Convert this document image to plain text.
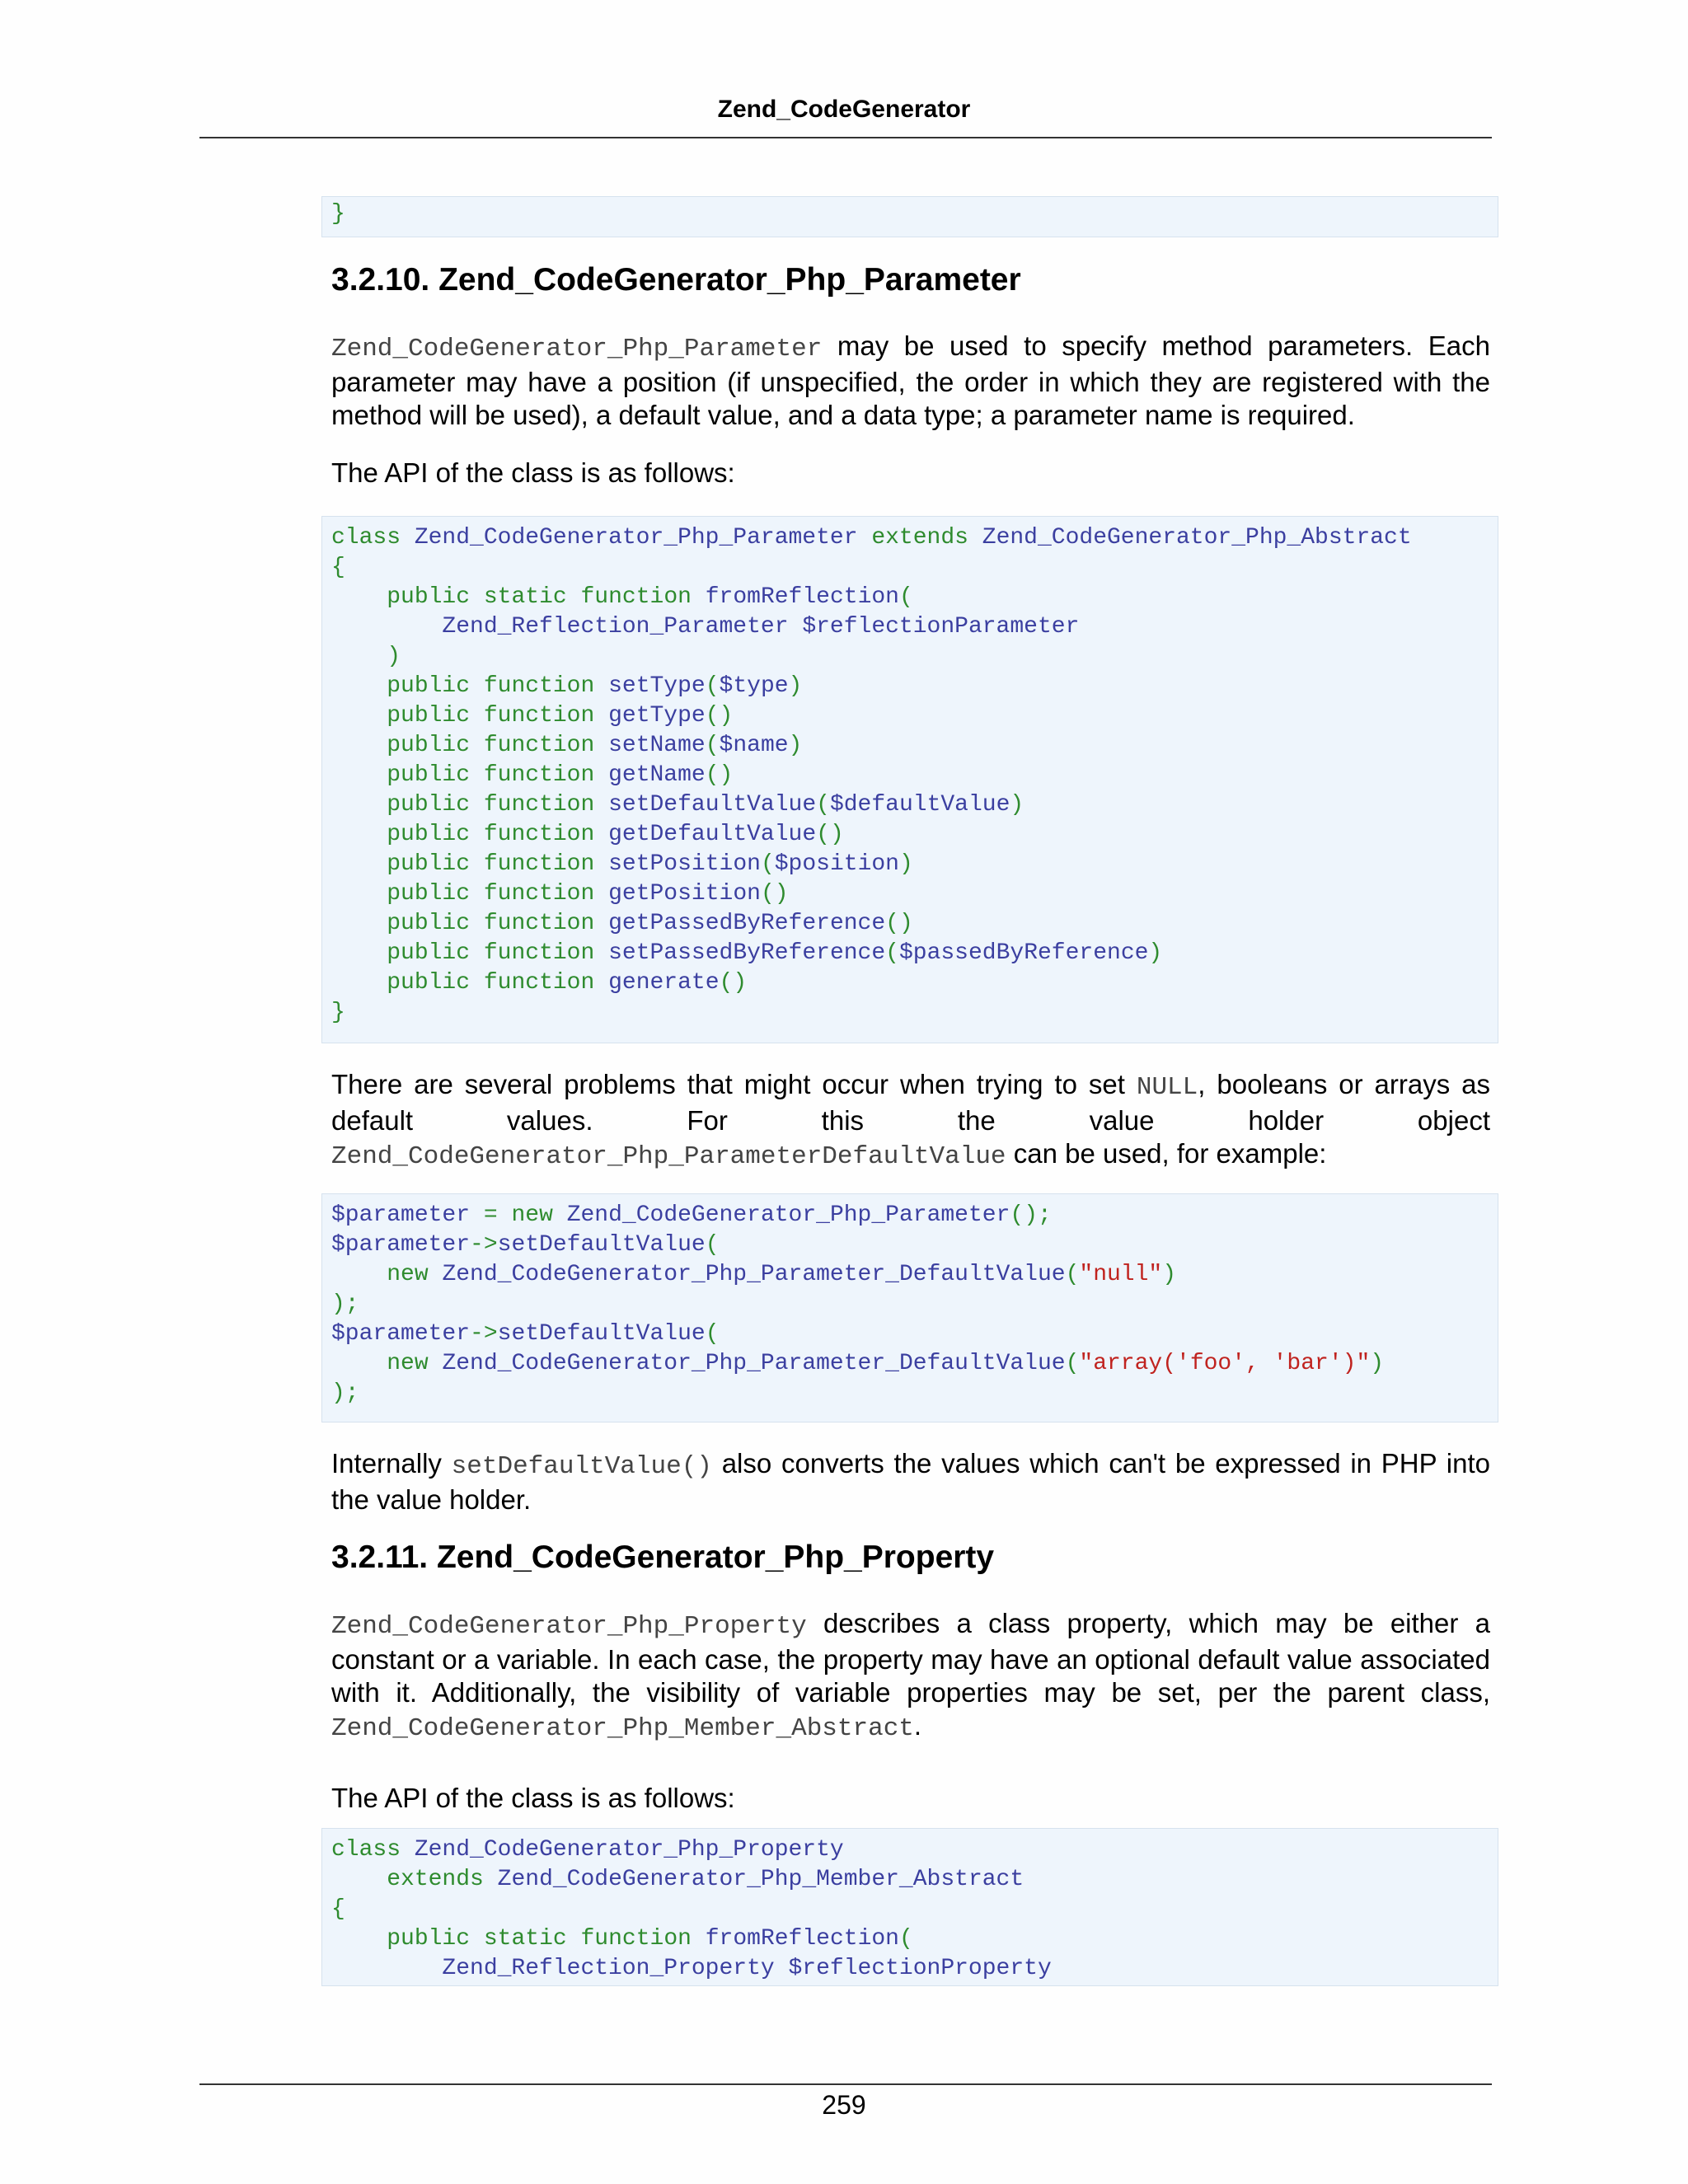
Zend_CodeGenerator
}
3.2.10. Zend_CodeGenerator_Php_Parameter
Zend_CodeGenerator_Php_Parameter may be used to specify method parameters. Each parameter may have a position (if unspecified, the order in which they are registered with the method will be used), a default value, and a data type; a parameter name is required.
The API of the class is as follows:
class Zend_CodeGenerator_Php_Parameter extends Zend_CodeGenerator_Php_Abstract
{
public static function fromReflection(
Zend_Reflection_Parameter $reflectionParameter
)
public function setType($type)
public function getType()
public function setName($name)
public function getName()
public function setDefaultValue($defaultValue)
public function getDefaultValue()
public function setPosition($position)
public function getPosition()
public function getPassedByReference()
public function setPassedByReference($passedByReference)
public function generate()
}
There are several problems that might occur when trying to set NULL, booleans or arrays as default values. For this the value holder object Zend_CodeGenerator_Php_ParameterDefaultValue can be used, for example:
$parameter = new Zend_CodeGenerator_Php_Parameter();
$parameter->setDefaultValue(
new Zend_CodeGenerator_Php_Parameter_DefaultValue("null")
);
$parameter->setDefaultValue(
new Zend_CodeGenerator_Php_Parameter_DefaultValue("array('foo', 'bar')")
);
Internally setDefaultValue() also converts the values which can't be expressed in PHP into the value holder.
3.2.11. Zend_CodeGenerator_Php_Property
Zend_CodeGenerator_Php_Property describes a class property, which may be either a constant or a variable. In each case, the property may have an optional default value associated with it. Additionally, the visibility of variable properties may be set, per the parent class, Zend_CodeGenerator_Php_Member_Abstract.
The API of the class is as follows:
class Zend_CodeGenerator_Php_Property
extends Zend_CodeGenerator_Php_Member_Abstract
{
public static function fromReflection(
Zend_Reflection_Property $reflectionProperty
259
